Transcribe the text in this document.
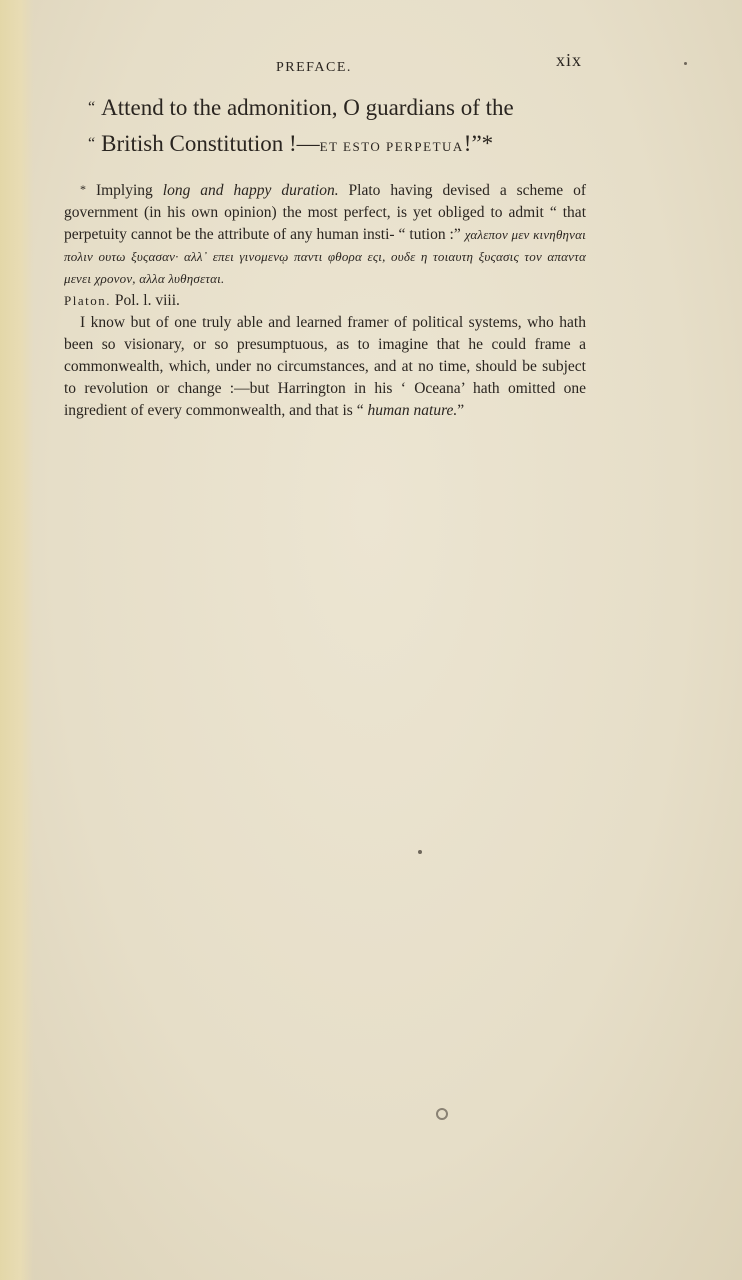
PREFACE.	xix
“ Attend to the admonition, O guardians of the
“ British Constitution !—ET ESTO PERPETUA!”*

* Implying long and happy duration. Plato having devised a scheme of government (in his own opinion) the most perfect, is yet obliged to admit “ that perpetuity cannot be the attribute of any human insti- “ tution :” χαλεπον μεν κινηθηναι πολιν ουτω ξυςασαν· αλλ᾽ επει γινομενῳ παντι φθορα εςι, ουδε η τοιαυτη ξυςασις τον απαντα μενει χρονον, αλλα λυθησεται.

Platon. Pol. l. viii.

I know but of one truly able and learned framer of political systems, who hath been so visionary, or so presumptuous, as to imagine that he could frame a commonwealth, which, under no circumstances, and at no time, should be subject to revolution or change :—but Harrington in his ‘ Oceana’ hath omitted one ingredient of every commonwealth, and that is “ human nature.”
